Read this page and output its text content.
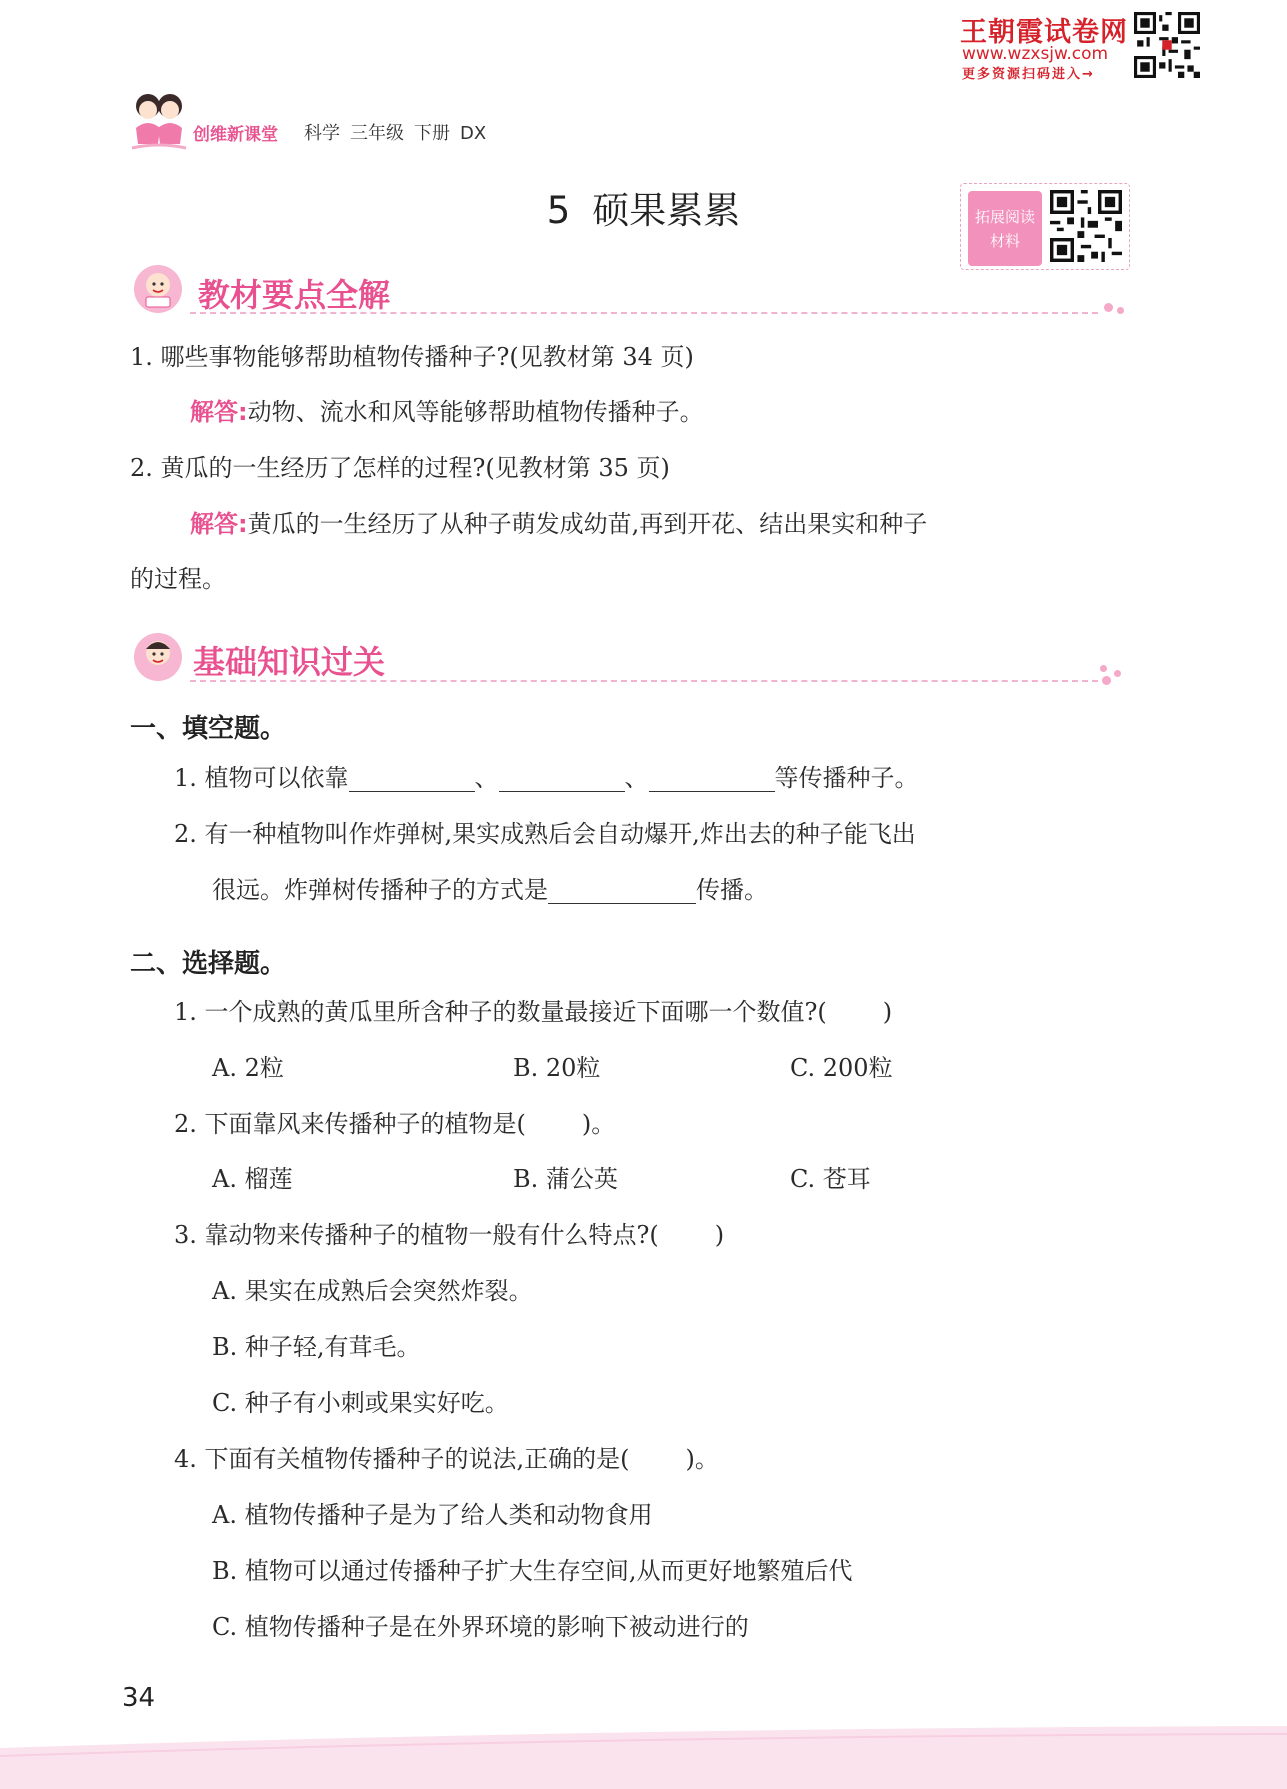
王朝霞试卷网
www.wzxsjw.com
更多资源扫码进入→
创维新课堂 科学 三年级 下册 DX
5 硕果累累	拓展阅读
材料
教材要点全解
1. 哪些事物能够帮助植物传播种子?(见教材第 34 页)
解答:动物、流水和风等能够帮助植物传播种子。
2. 黄瓜的一生经历了怎样的过程?(见教材第 35 页)
解答:黄瓜的一生经历了从种子萌发成幼苗,再到开花、结出果实和种子
的过程。
基础知识过关
一、填空题。
1. 植物可以依靠	、	、	等传播种子。
2. 有一种植物叫作炸弹树,果实成熟后会自动爆开,炸出去的种子能飞出
很远。炸弹树传播种子的方式是	传播。
二、选择题。
1. 一个成熟的黄瓜里所含种子的数量最接近下面哪一个数值?( )
A. 2粒	B. 20粒	C. 200粒
2. 下面靠风来传播种子的植物是( )。
A. 榴莲	B. 蒲公英	C. 苍耳
3. 靠动物来传播种子的植物一般有什么特点?( )
A. 果实在成熟后会突然炸裂。
B. 种子轻,有茸毛。
C. 种子有小刺或果实好吃。
4. 下面有关植物传播种子的说法,正确的是( )。
A. 植物传播种子是为了给人类和动物食用
B. 植物可以通过传播种子扩大生存空间,从而更好地繁殖后代
C. 植物传播种子是在外界环境的影响下被动进行的
34
